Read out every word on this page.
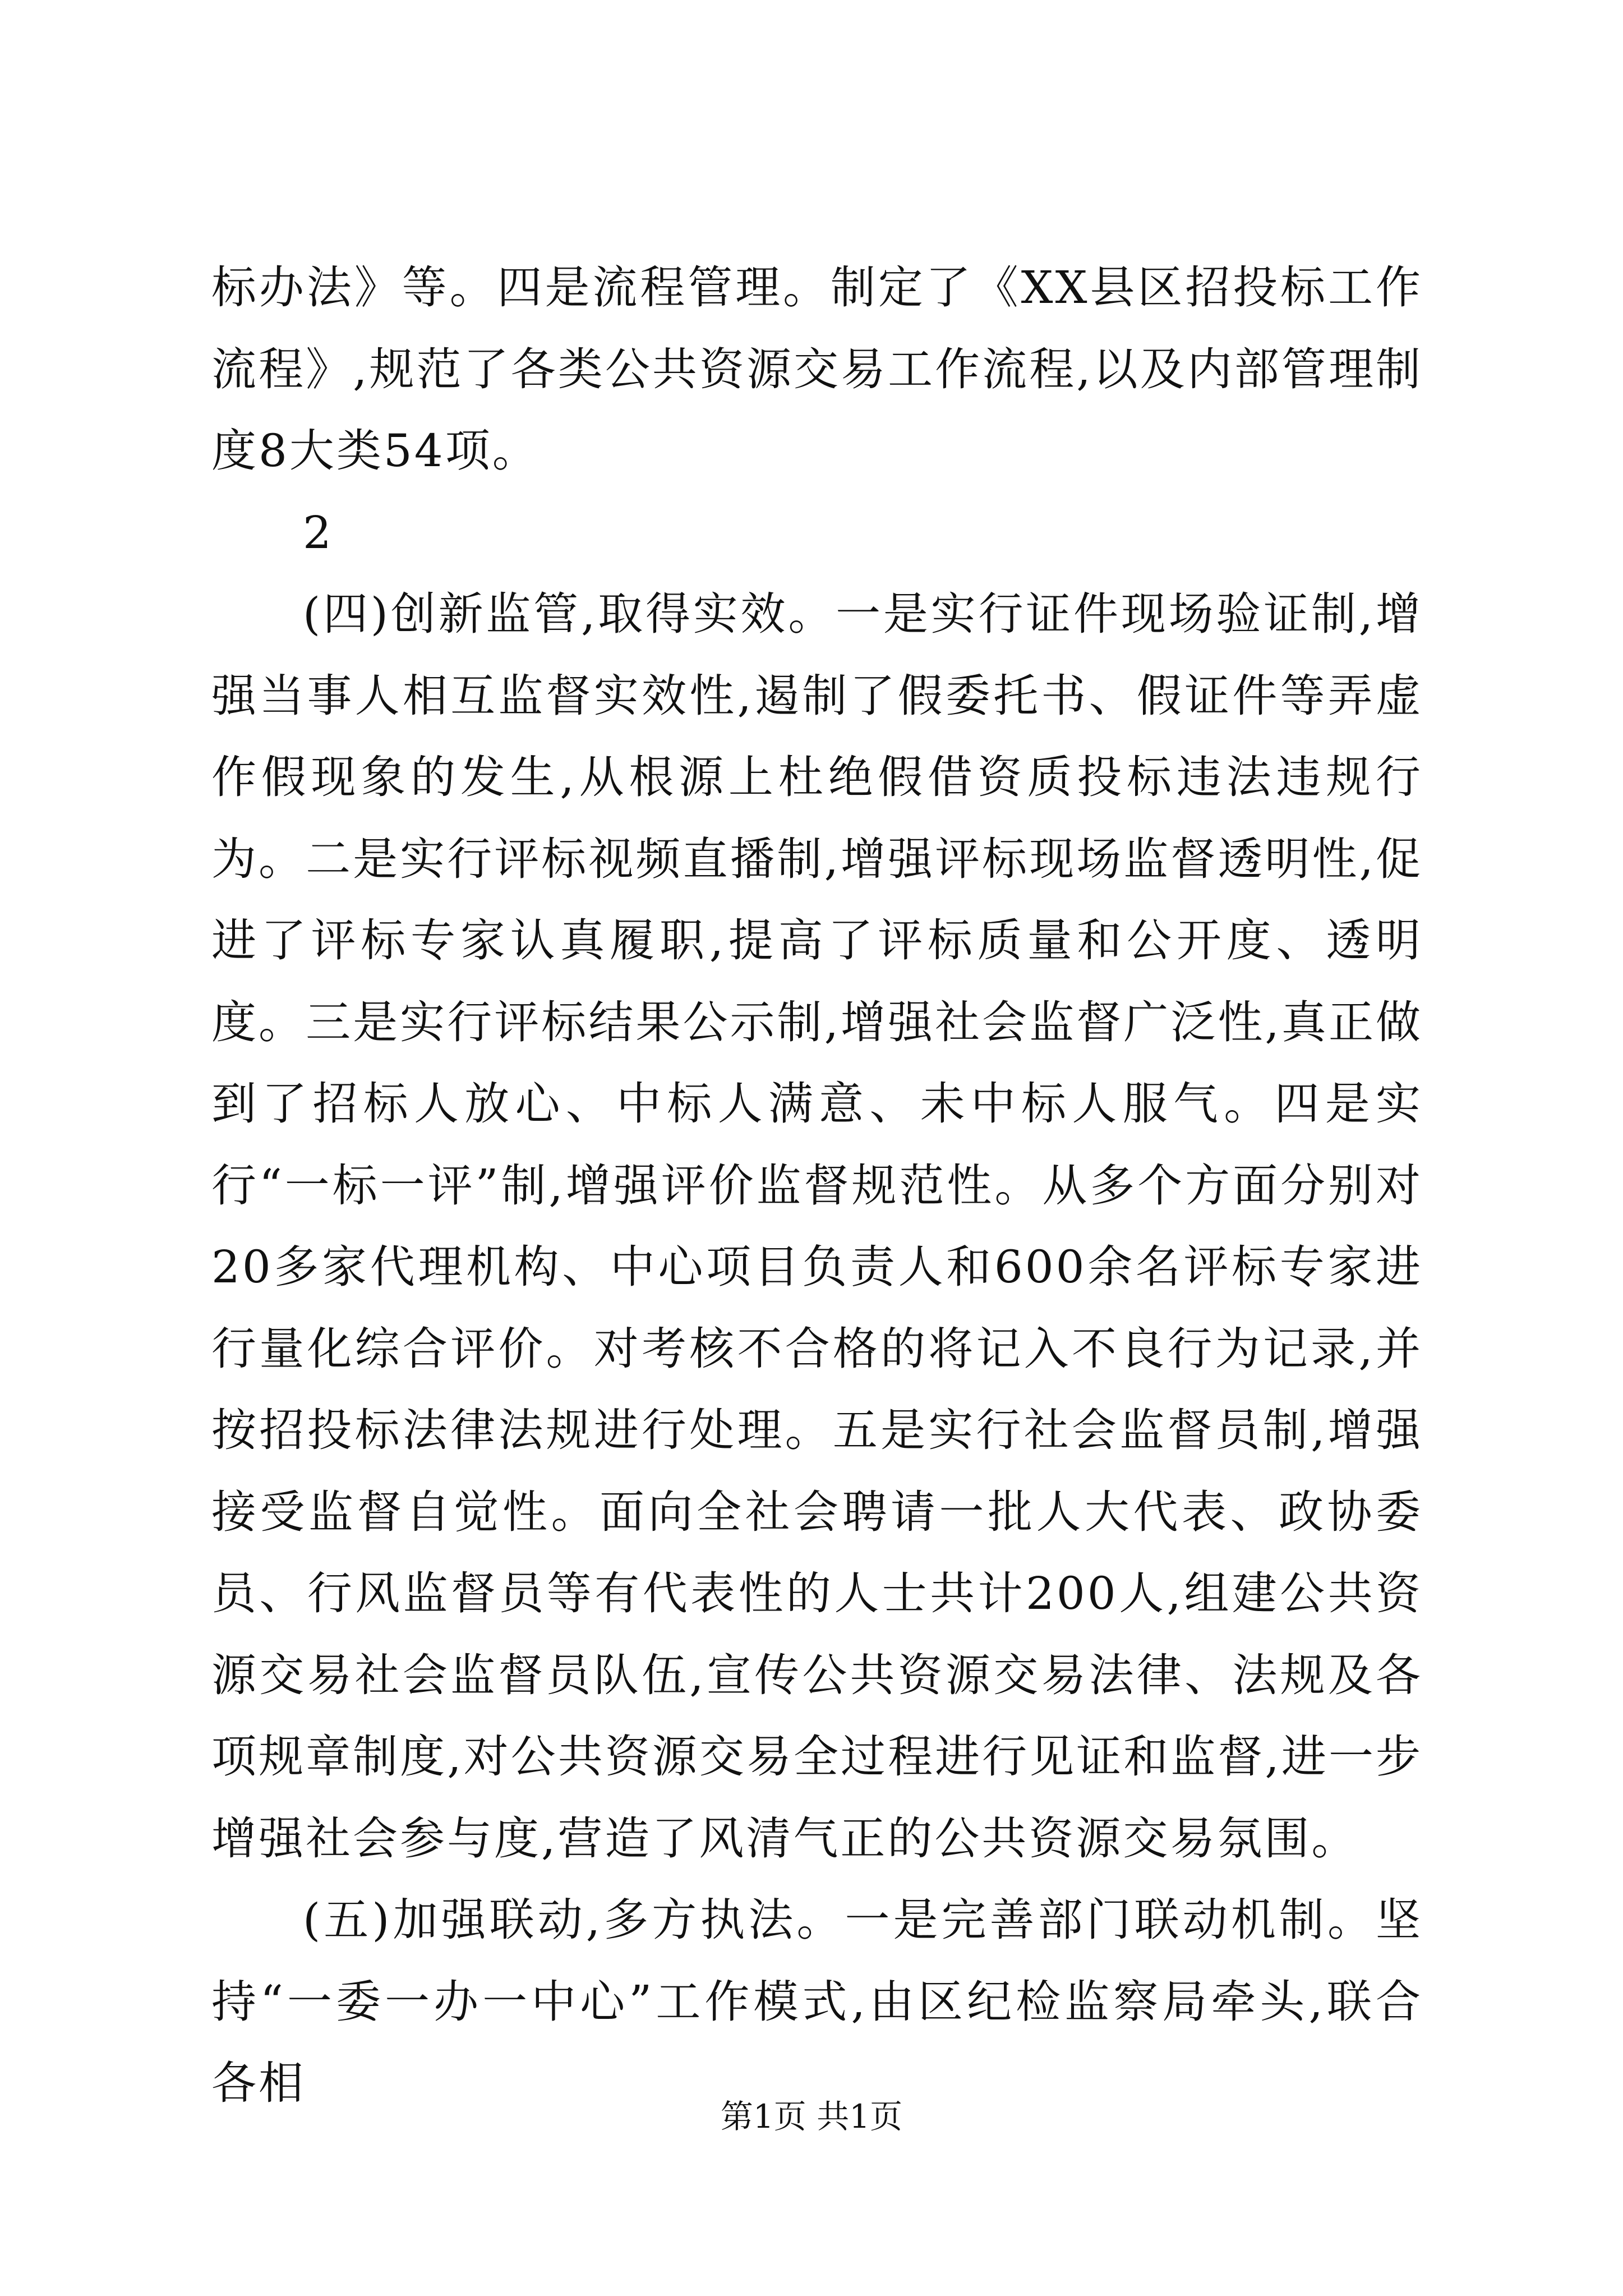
标办法》等。四是流程管理。制定了《XX县区招投标工作流程》,规范了各类公共资源交易工作流程,以及内部管理制度8大类54项。

2

(四)创新监管,取得实效。一是实行证件现场验证制,增强当事人相互监督实效性,遏制了假委托书、假证件等弄虚作假现象的发生,从根源上杜绝假借资质投标违法违规行为。二是实行评标视频直播制,增强评标现场监督透明性,促进了评标专家认真履职,提高了评标质量和公开度、透明度。三是实行评标结果公示制,增强社会监督广泛性,真正做到了招标人放心、中标人满意、未中标人服气。四是实行“一标一评”制,增强评价监督规范性。从多个方面分别对20多家代理机构、中心项目负责人和600余名评标专家进行量化综合评价。对考核不合格的将记入不良行为记录,并按招投标法律法规进行处理。五是实行社会监督员制,增强接受监督自觉性。面向全社会聘请一批人大代表、政协委员、行风监督员等有代表性的人士共计200人,组建公共资源交易社会监督员队伍,宣传公共资源交易法律、法规及各项规章制度,对公共资源交易全过程进行见证和监督,进一步增强社会参与度,营造了风清气正的公共资源交易氛围。

(五)加强联动,多方执法。一是完善部门联动机制。坚持“一委一办一中心”工作模式,由区纪检监察局牵头,联合各相

第1页 共1页
